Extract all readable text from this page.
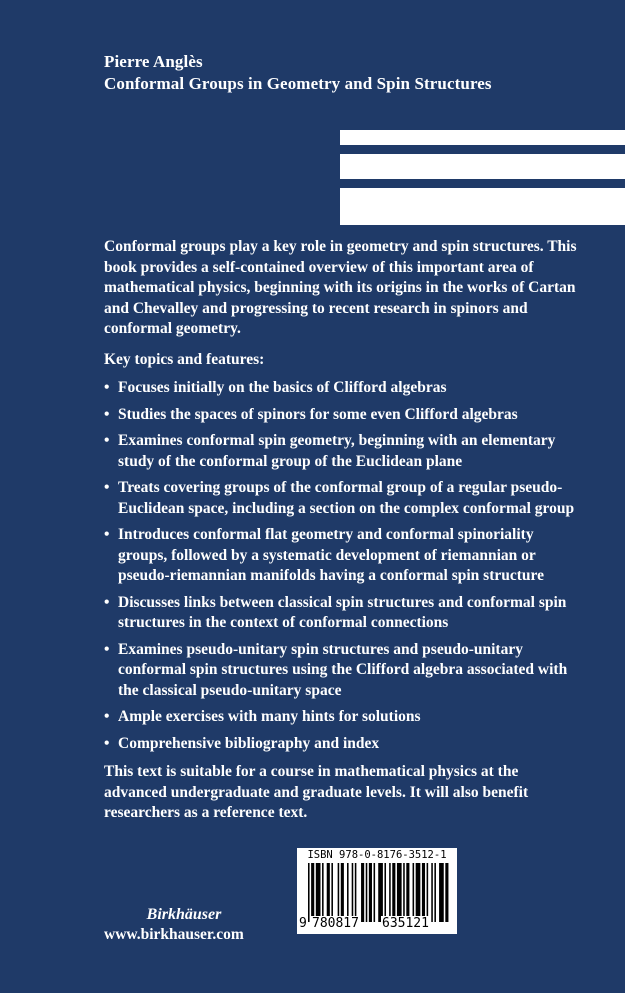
Pierre Anglès
Conformal Groups in Geometry and Spin Structures

Conformal groups play a key role in geometry and spin structures. This book provides a self-contained overview of this important area of mathematical physics, beginning with its origins in the works of Cartan and Chevalley and progressing to recent research in spinors and conformal geometry.

Key topics and features:

• Focuses initially on the basics of Clifford algebras
• Studies the spaces of spinors for some even Clifford algebras
• Examines conformal spin geometry, beginning with an elementary study of the conformal group of the Euclidean plane
• Treats covering groups of the conformal group of a regular pseudo-Euclidean space, including a section on the complex conformal group
• Introduces conformal flat geometry and conformal spinoriality groups, followed by a systematic development of riemannian or pseudo-riemannian manifolds having a conformal spin structure
• Discusses links between classical spin structures and conformal spin structures in the context of conformal connections
• Examines pseudo-unitary spin structures and pseudo-unitary conformal spin structures using the Clifford algebra associated with the classical pseudo-unitary space
• Ample exercises with many hints for solutions
• Comprehensive bibliography and index

This text is suitable for a course in mathematical physics at the advanced undergraduate and graduate levels. It will also benefit researchers as a reference text.

ISBN 978-0-8176-3512-1
9 780817 635121
Birkhäuser
www.birkhauser.com
